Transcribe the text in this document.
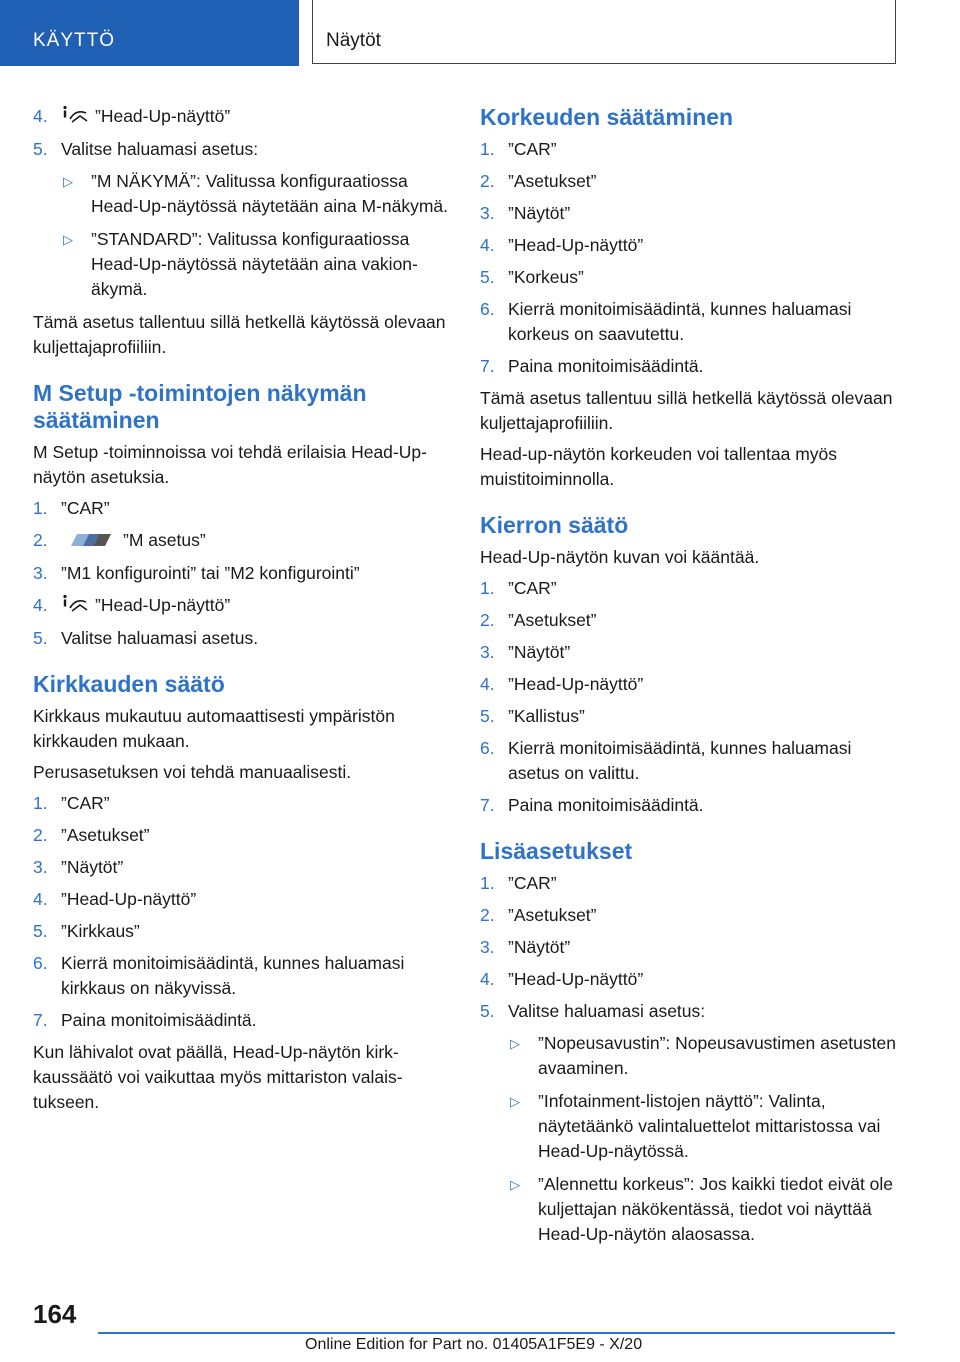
KÄYTTÖ	Näytöt
4.	”Head-Up-näyttö”
5. Valitse haluamasi asetus:
▷ ”M NÄKYMÄ”: Valitussa konfiguraatiossa Head-Up-näytössä näytetään aina M-näkymä.
▷ ”STANDARD”: Valitussa konfiguraatiossa Head-Up-näytössä näytetään aina vakionäkymä.

Tämä asetus tallentuu sillä hetkellä käytössä olevaan kuljettajaprofiiliin.

M Setup -toimintojen näkymän säätäminen

M Setup -toiminnoissa voi tehdä erilaisia Head-Up-näytön asetuksia.

1. ”CAR”
2.	”M asetus”
3. ”M1 konfigurointi” tai ”M2 konfigurointi”
4.	”Head-Up-näyttö”
5. Valitse haluamasi asetus.
Kirkkauden säätö

Kirkkaus mukautuu automaattisesti ympäristön kirkkauden mukaan.

Perusasetuksen voi tehdä manuaalisesti.

1. ”CAR”
2. ”Asetukset”
3. ”Näytöt”
4. ”Head-Up-näyttö”
5. ”Kirkkaus”
6. Kierrä monitoimisäädintä, kunnes haluamasi kirkkaus on näkyvissä.
7. Paina monitoimisäädintä.

Kun lähivalot ovat päällä, Head-Up-näytön kirkkaussäätö voi vaikuttaa myös mittariston valaistukseen.

Korkeuden säätäminen
1. ”CAR”
2. ”Asetukset”
3. ”Näytöt”
4. ”Head-Up-näyttö”
5. ”Korkeus”
6. Kierrä monitoimisäädintä, kunnes haluamasi korkeus on saavutettu.
7. Paina monitoimisäädintä.

Tämä asetus tallentuu sillä hetkellä käytössä olevaan kuljettajaprofiiliin.

Head-up-näytön korkeuden voi tallentaa myös muistitoiminnolla.

Kierron säätö

Head-Up-näytön kuvan voi kääntää.

1. ”CAR”
2. ”Asetukset”
3. ”Näytöt”
4. ”Head-Up-näyttö”
5. ”Kallistus”
6. Kierrä monitoimisäädintä, kunnes haluamasi asetus on valittu.
7. Paina monitoimisäädintä.
Lisäasetukset
1. ”CAR”
2. ”Asetukset”
3. ”Näytöt”
4. ”Head-Up-näyttö”
5. Valitse haluamasi asetus:
▷ ”Nopeusavustin”: Nopeusavustimen asetusten avaaminen.
▷ ”Infotainment-listojen näyttö”: Valinta, näytetäänkö valintaluettelot mittaristossa vai Head-Up-näytössä.
▷ ”Alennettu korkeus”: Jos kaikki tiedot eivät ole kuljettajan näkökentässä, tiedot voi näyttää Head-Up-näytön alaosassa.
164
Online Edition for Part no. 01405A1F5E9 - X/20
